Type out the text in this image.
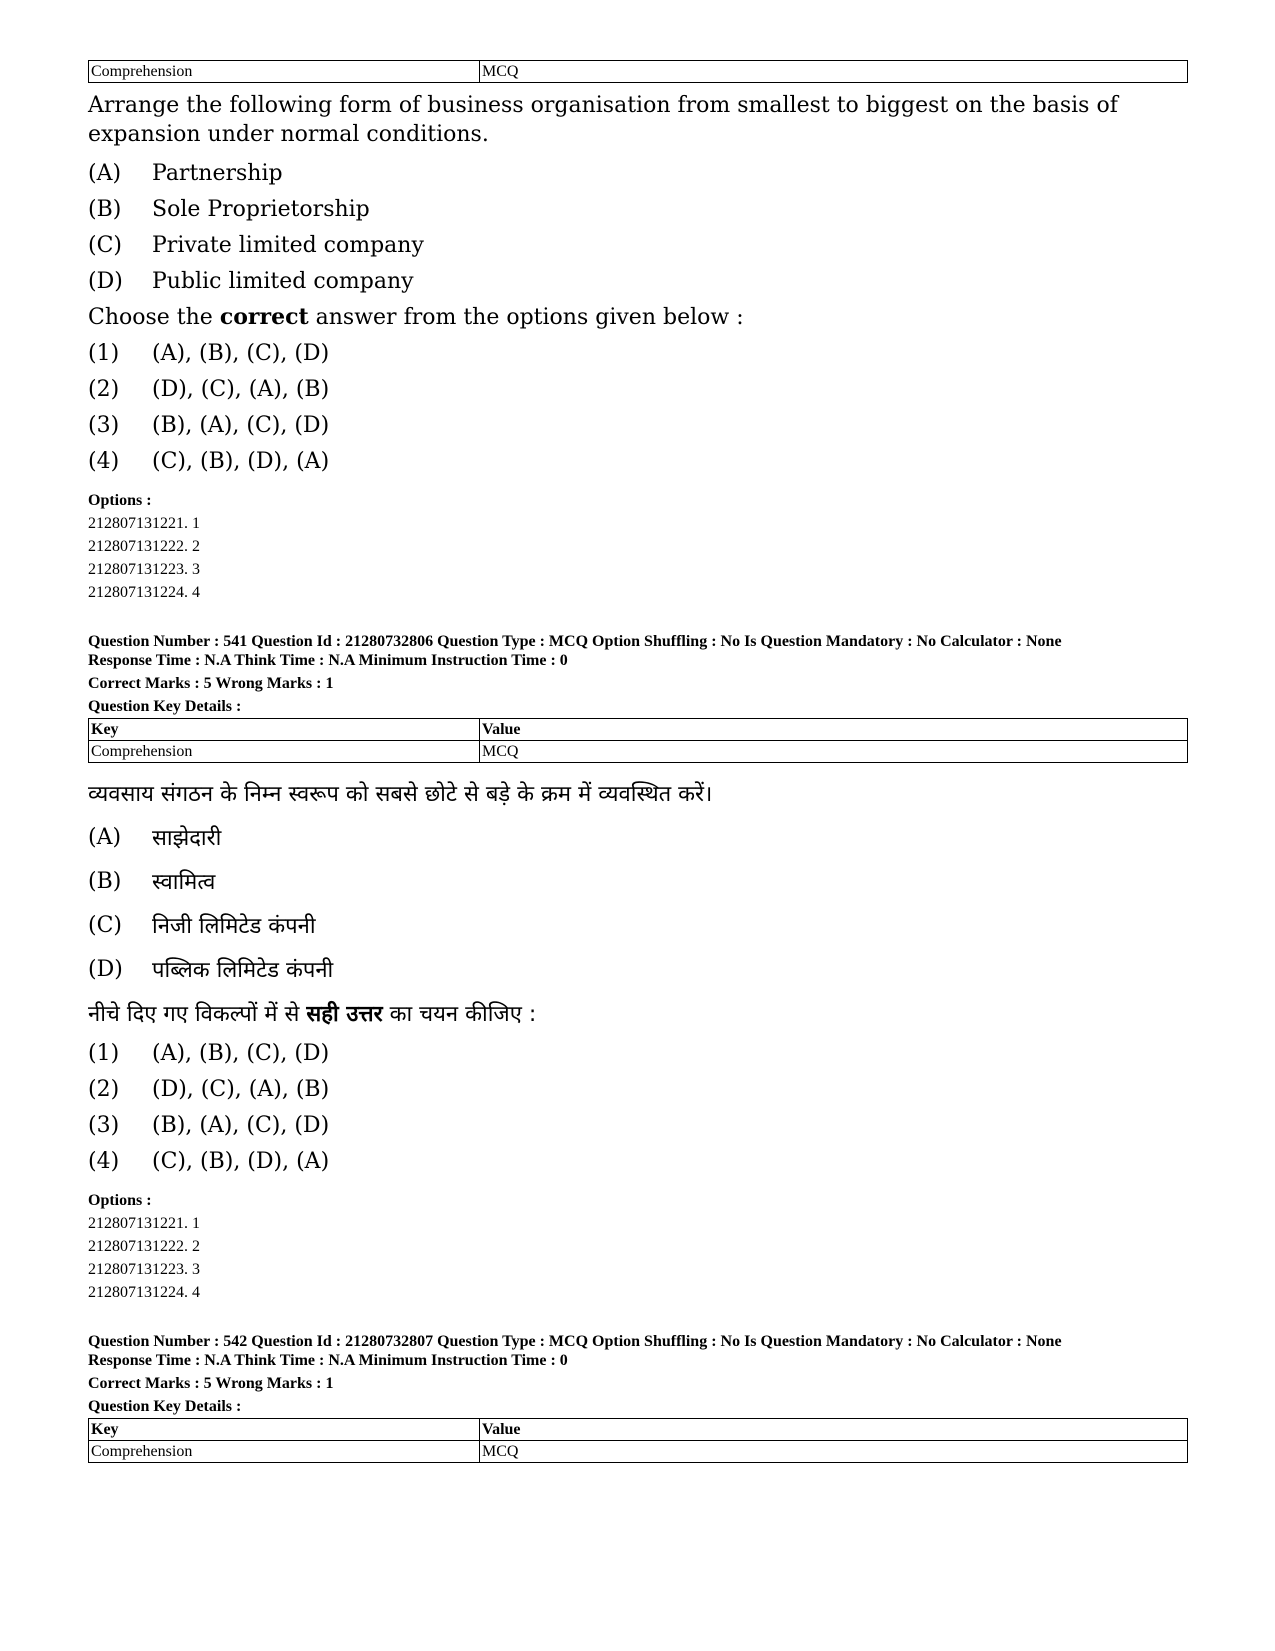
Comprehension	MCQ

Arrange the following form of business organisation from smallest to biggest on the basis of expansion under normal conditions.

(A)	Partnership
(B)	Sole Proprietorship
(C)	Private limited company
(D)	Public limited company
Choose the correct answer from the options given below :
(1)	(A), (B), (C), (D)
(2)	(D), (C), (A), (B)
(3)	(B), (A), (C), (D)
(4)	(C), (B), (D), (A)
Options :
212807131221. 1
212807131222. 2
212807131223. 3
212807131224. 4
Question Number : 541 Question Id : 21280732806 Question Type : MCQ Option Shuffling : No Is Question Mandatory : No Calculator : None
Response Time : N.A Think Time : N.A Minimum Instruction Time : 0
Correct Marks : 5 Wrong Marks : 1
Question Key Details :
Key	Value
Comprehension	MCQ
व्यवसाय संगठन के निम्न स्वरूप को सबसे छोटे से बड़े के क्रम में व्यवस्थित करें।
(A)	साझेदारी
(B)	स्वामित्व
(C)	निजी लिमिटेड कंपनी
(D)	पब्लिक लिमिटेड कंपनी
नीचे दिए गए विकल्पों में से सही उत्तर का चयन कीजिए :
(1)	(A), (B), (C), (D)
(2)	(D), (C), (A), (B)
(3)	(B), (A), (C), (D)
(4)	(C), (B), (D), (A)
Options :
212807131221. 1
212807131222. 2
212807131223. 3
212807131224. 4
Question Number : 542 Question Id : 21280732807 Question Type : MCQ Option Shuffling : No Is Question Mandatory : No Calculator : None
Response Time : N.A Think Time : N.A Minimum Instruction Time : 0
Correct Marks : 5 Wrong Marks : 1
Question Key Details :
Key	Value
Comprehension	MCQ
